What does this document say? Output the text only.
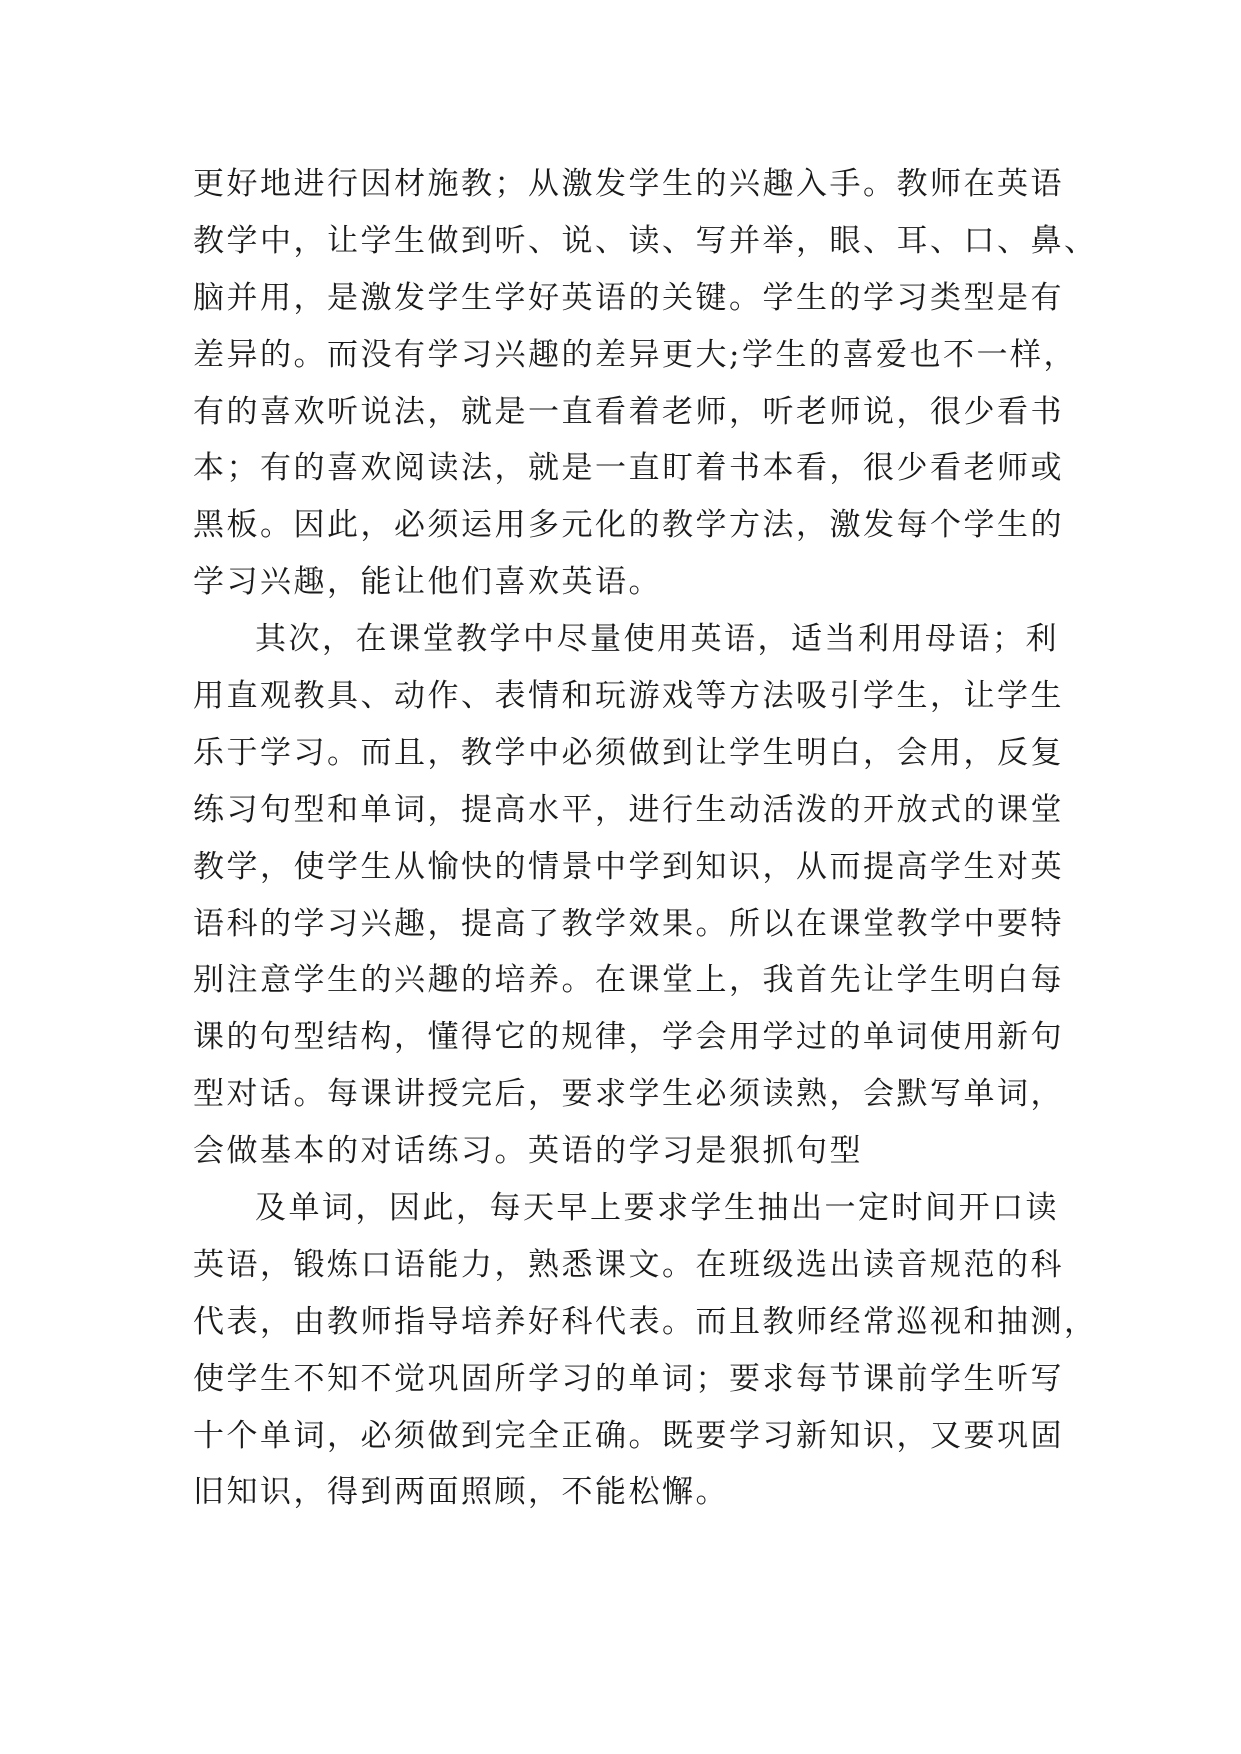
更好地进行因材施教；从激发学生的兴趣入手。教师在英语
教学中，让学生做到听、说、读、写并举，眼、耳、口、鼻、
脑并用，是激发学生学好英语的关键。学生的学习类型是有
差异的。而没有学习兴趣的差异更大;学生的喜爱也不一样，
有的喜欢听说法，就是一直看着老师，听老师说，很少看书
本；有的喜欢阅读法，就是一直盯着书本看，很少看老师或
黑板。因此，必须运用多元化的教学方法，激发每个学生的
学习兴趣，能让他们喜欢英语。
其次，在课堂教学中尽量使用英语，适当利用母语；利
用直观教具、动作、表情和玩游戏等方法吸引学生，让学生
乐于学习。而且，教学中必须做到让学生明白，会用，反复
练习句型和单词，提高水平，进行生动活泼的开放式的课堂
教学，使学生从愉快的情景中学到知识，从而提高学生对英
语科的学习兴趣，提高了教学效果。所以在课堂教学中要特
别注意学生的兴趣的培养。在课堂上，我首先让学生明白每
课的句型结构，懂得它的规律，学会用学过的单词使用新句
型对话。每课讲授完后，要求学生必须读熟，会默写单词，
会做基本的对话练习。英语的学习是狠抓句型
及单词，因此，每天早上要求学生抽出一定时间开口读
英语，锻炼口语能力，熟悉课文。在班级选出读音规范的科
代表，由教师指导培养好科代表。而且教师经常巡视和抽测，
使学生不知不觉巩固所学习的单词；要求每节课前学生听写
十个单词，必须做到完全正确。既要学习新知识，又要巩固
旧知识，得到两面照顾，不能松懈。
